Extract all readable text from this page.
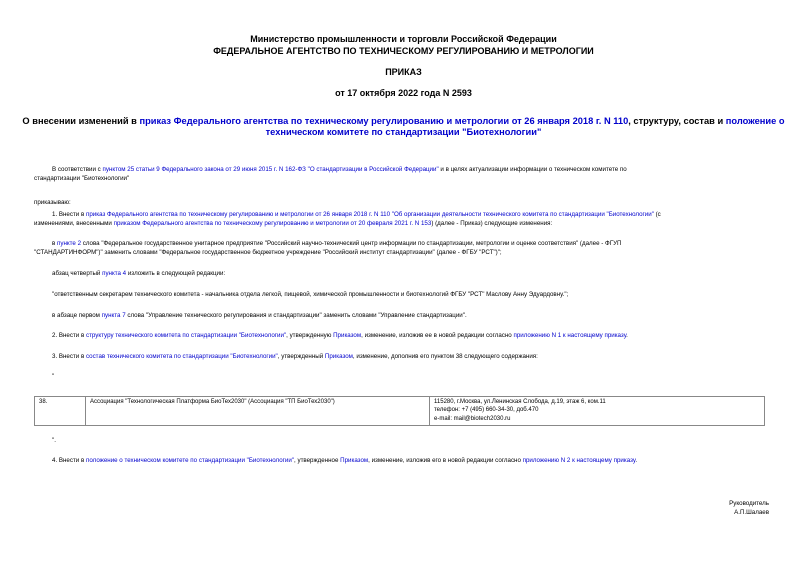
Министерство промышленности и торговли Российской Федерации
ФЕДЕРАЛЬНОЕ АГЕНТСТВО ПО ТЕХНИЧЕСКОМУ РЕГУЛИРОВАНИЮ И МЕТРОЛОГИИ
ПРИКАЗ
от 17 октября 2022 года N 2593
О внесении изменений в приказ Федерального агентства по техническому регулированию и метрологии от 26 января 2018 г. N 110, структуру, состав и положение о
техническом комитете по стандартизации "Биотехнологии"
В соответствии с пунктом 25 статьи 9 Федерального закона от 29 июня 2015 г. N 162-ФЗ "О стандартизации в Российской Федерации" и в целях актуализации информации о техническом комитете по
стандартизации "Биотехнологии"
приказываю:
1. Внести в приказ Федерального агентства по техническому регулированию и метрологии от 26 января 2018 г. N 110 "Об организации деятельности технического комитета по стандартизации "Биотехнологии" (с
изменениями, внесенными приказом Федерального агентства по техническому регулированию и метрологии от 20 февраля 2021 г. N 153) (далее - Приказ) следующие изменения:
в пункте 2 слова "Федеральное государственное унитарное предприятие "Российский научно-технический центр информации по стандартизации, метрологии и оценке соответствия" (далее - ФГУП
"СТАНДАРТИНФОРМ")" заменить словами "Федеральное государственное бюджетное учреждение "Российский институт стандартизации" (далее - ФГБУ "РСТ")";
абзац четвертый пункта 4 изложить в следующей редакции:
"ответственным секретарем технического комитета - начальника отдела легкой, пищевой, химической промышленности и биотехнологий ФГБУ "РСТ" Маслову Анну Эдуардовну.";
в абзаце первом пункта 7 слова "Управление технического регулирования и стандартизации" заменить словами "Управление стандартизации".
2. Внести в структуру технического комитета по стандартизации "Биотехнологии", утвержденную Приказом, изменение, изложив ее в новой редакции согласно приложению N 1 к настоящему приказу.
3. Внести в состав технического комитета по стандартизации "Биотехнологии", утвержденный Приказом, изменение, дополнив его пунктом 38 следующего содержания:
"
38.	Ассоциация "Технологическая Платформа БиоТех2030" (Ассоциация "ТП БиоТех2030")	115280, г.Москва, ул.Ленинская Слобода, д.19, этаж 6, ком.11
телефон: +7 (495) 660-34-30, доб.470
e-mail: mail@biotech2030.ru
".
4. Внести в положение о техническом комитете по стандартизации "Биотехнологии", утвержденное Приказом, изменение, изложив его в новой редакции согласно приложению N 2 к настоящему приказу.
Руководитель
А.П.Шалаев
